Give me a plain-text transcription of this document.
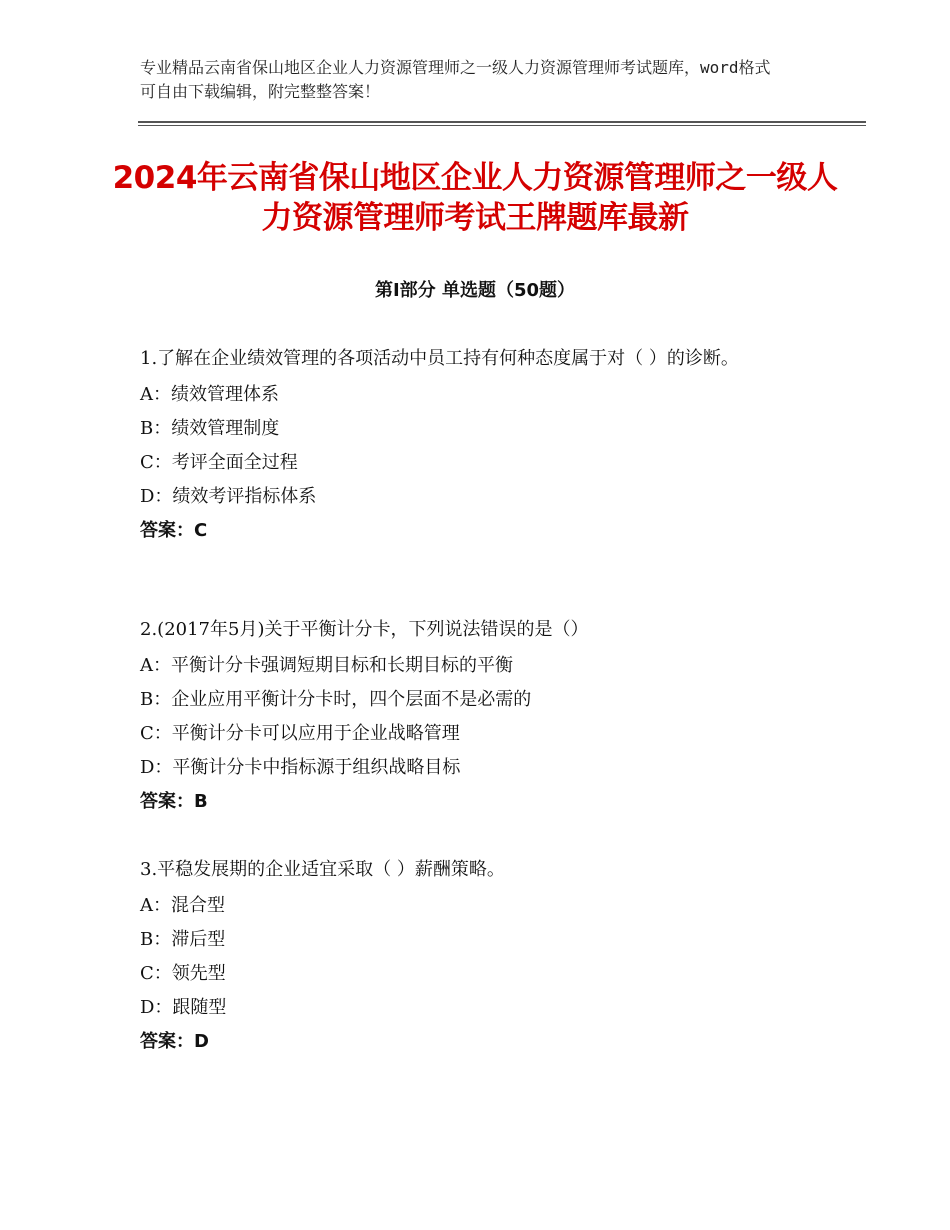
专业精品云南省保山地区企业人力资源管理师之一级人力资源管理师考试题库，word格式可自由下载编辑，附完整整答案！
2024年云南省保山地区企业人力资源管理师之一级人力资源管理师考试王牌题库最新
第Ⅰ部分 单选题（50题）
1.了解在企业绩效管理的各项活动中员工持有何种态度属于对（ ）的诊断。
A：绩效管理体系
B：绩效管理制度
C：考评全面全过程
D：绩效考评指标体系
答案：C
2.(2017年5月)关于平衡计分卡，下列说法错误的是（）
A：平衡计分卡强调短期目标和长期目标的平衡
B：企业应用平衡计分卡时，四个层面不是必需的
C：平衡计分卡可以应用于企业战略管理
D：平衡计分卡中指标源于组织战略目标
答案：B
3.平稳发展期的企业适宜采取（ ）薪酬策略。
A：混合型
B：滞后型
C：领先型
D：跟随型
答案：D
